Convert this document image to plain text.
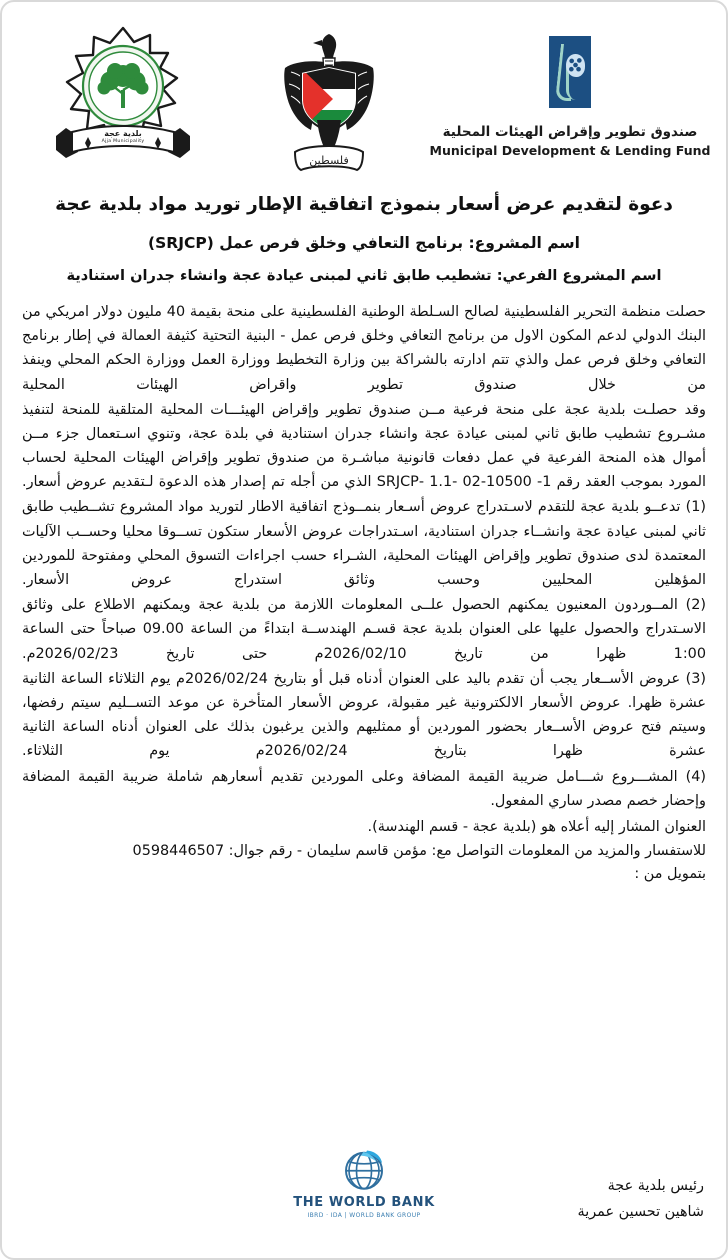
صندوق تطوير وإقراض الهيئات المحلية
Municipal Development & Lending Fund
فلسطين
بلدية عجة
Ajja Municipality
دعوة لتقديم عرض أسعار بنموذج اتفاقية الإطار توريد مواد بلدية عجة
اسم المشروع: برنامج التعافي وخلق فرص عمل (SRJCP)
اسم المشروع الفرعي: تشطيب طابق ثاني لمبنى عيادة عجة وانشاء جدران استنادية

حصلت منظمة التحرير الفلسطينية لصالح السـلطة الوطنية الفلسطينية على منحة بقيمة 40 مليون دولار امريكي من البنك الدولي لدعم المكون الاول من برنامج التعافي وخلق فرص عمل - البنية التحتية كثيفة العمالة في إطار برنامج التعافي وخلق فرص عمل والذي تتم ادارته بالشراكة بين وزارة التخطيط ووزارة العمل ووزارة الحكم المحلي وينفذ من خلال صندوق تطوير واقراض الهيئات المحلية

وقد حصلـت بلدية عجة على منحة فرعية مــن صندوق تطوير وإقراض الهيئـــات المحلية المتلقية للمنحة لتنفيذ مشـروع تشطيب طابق ثاني لمبنى عيادة عجة وانشاء جدران استنادية في بلدة عجة، وتنوي اسـتعمال جزء مــن أموال هذه المنحة الفرعية في عمل دفعات قانونية مباشـرة من صندوق تطوير وإقراض الهيئات المحلية لحساب المورد بموجب العقد رقم 1- 10500-02 -1.1 -SRJCP الذي من أجله تم إصدار هذه الدعوة لـتقديم عروض أسعار.

(1) تدعــو بلدية عجة للتقدم لاسـتدراج عروض أسـعار بنمــوذج اتفاقية الاطار لتوريد مواد المشروع تشــطيب طابق ثاني لمبنى عيادة عجة وانشــاء جدران استنادية، اسـتدراجات عروض الأسعار ستكون تســوقا محليا وحســب الآليات المعتمدة لدى صندوق تطوير وإقراض الهيئات المحلية، الشـراء حسب اجراءات التسوق المحلي ومفتوحة للموردين المؤهلين المحليين وحسب وثائق استدراج عروض الأسعار.

(2) المــوردون المعنيون يمكنهم الحصول علــى المعلومات اللازمة من بلدية عجة ويمكنهم الاطلاع على وثائق الاسـتدراج والحصول عليها على العنوان بلدية عجة قسـم الهندســة ابتداءً من الساعة 09.00 صباحاً حتى الساعة 1:00 ظهرا من تاريخ 2026/02/10م حتى تاريخ 2026/02/23م.

(3) عروض الأســعار يجب أن تقدم باليد على العنوان أدناه قبل أو بتاريخ 2026/02/24م يوم الثلاثاء الساعة الثانية عشرة ظهرا. عروض الأسعار الالكترونية غير مقبولة، عروض الأسعار المتأخرة عن موعد التســليم سيتم رفضها، وسيتم فتح عروض الأســعار بحضور الموردين أو ممثليهم والذين يرغبون بذلك على العنوان أدناه الساعة الثانية عشرة ظهرا بتاريخ 2026/02/24م يوم الثلاثاء.

(4) المشـــروع شـــامل ضريبة القيمة المضافة وعلى الموردين تقديم أسعارهم شاملة ضريبة القيمة المضافة وإحضار خصم مصدر ساري المفعول.

العنوان المشار إليه أعلاه هو (بلدية عجة - قسم الهندسة).

للاستفسار والمزيد من المعلومات التواصل مع: مؤمن قاسم سليمان - رقم جوال: 0598446507

بتمويل من :
THE WORLD BANK
IBRD · IDA | WORLD BANK GROUP

رئيس بلدية عجة

شاهين تحسين عمرية
